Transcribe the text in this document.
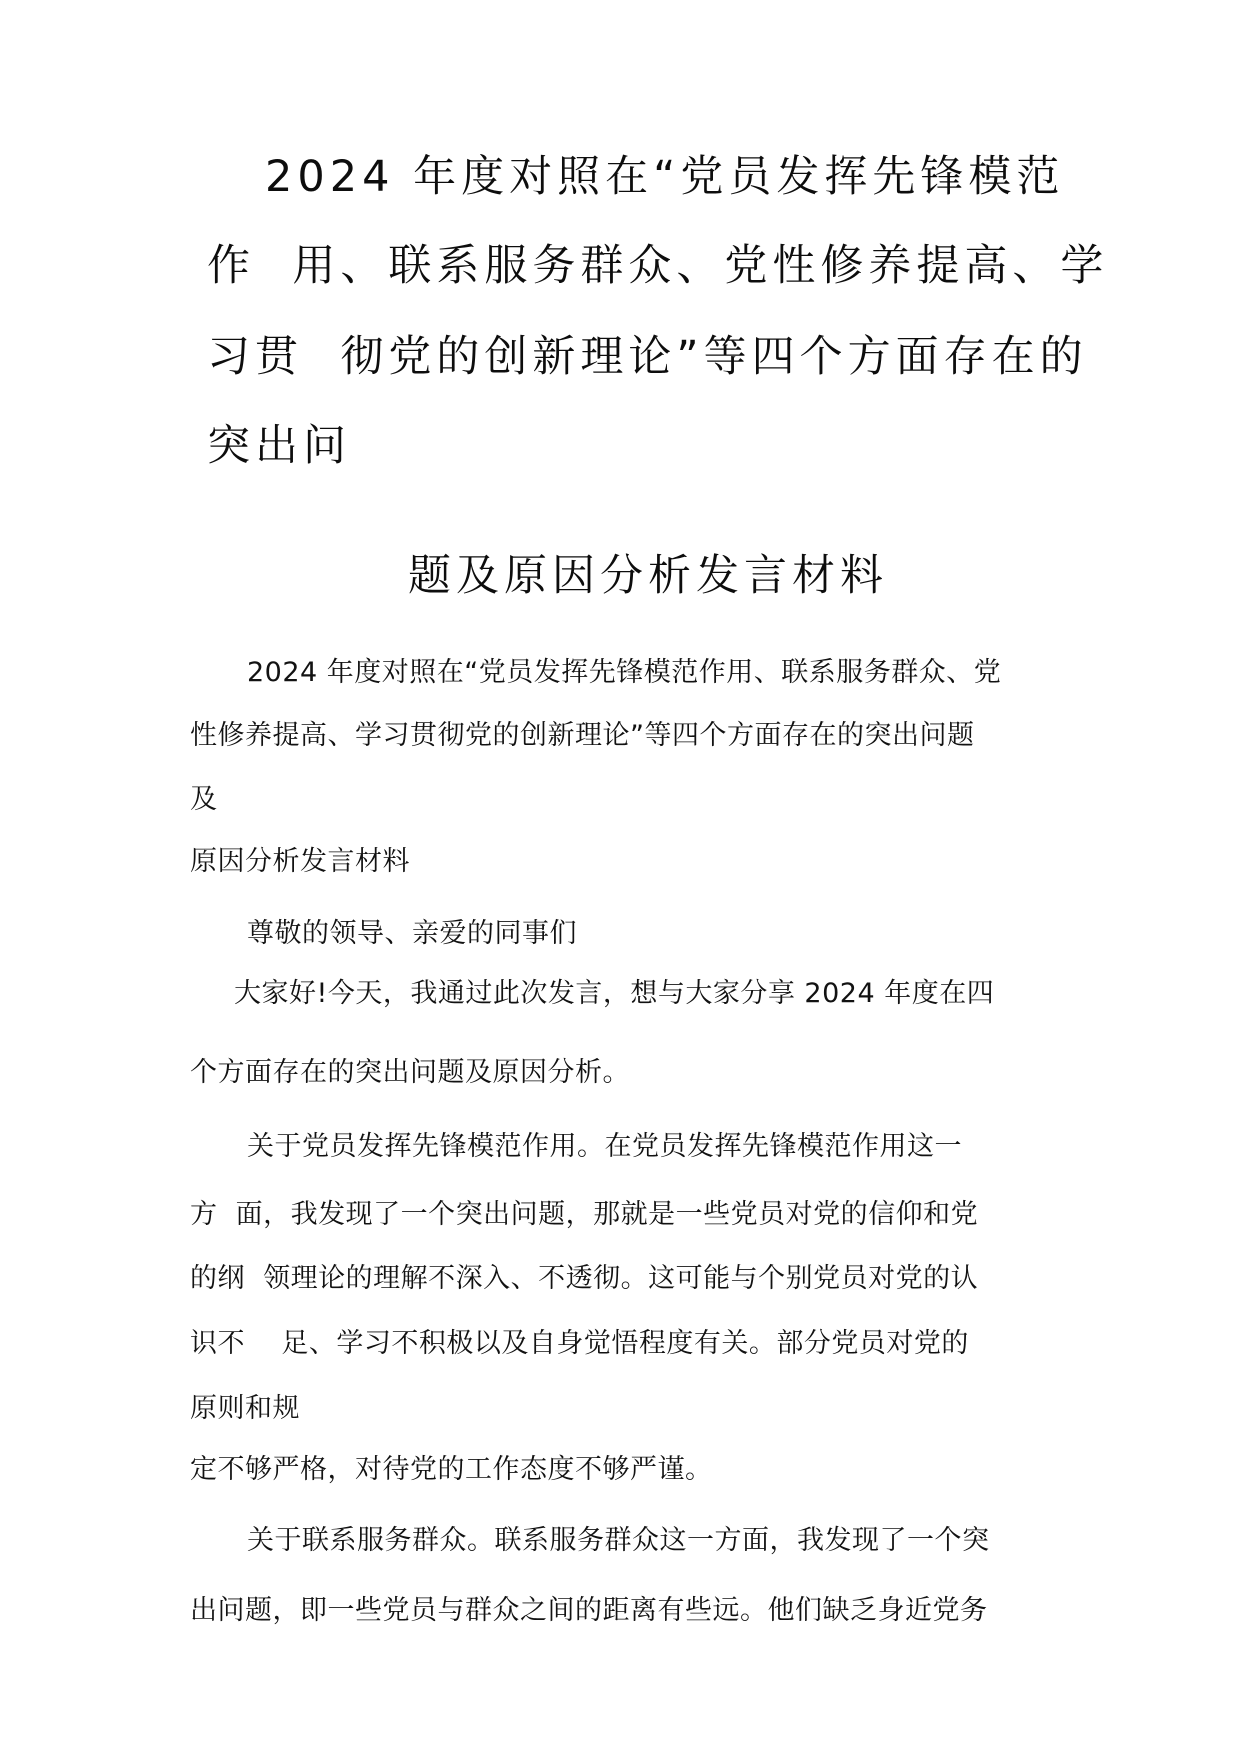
2024 年度对照在“党员发挥先锋模范
作  用、联系服务群众、党性修养提高、学
习贯  彻党的创新理论”等四个方面存在的
突出问
题及原因分析发言材料
2024 年度对照在“党员发挥先锋模范作用、联系服务群众、党
性修养提高、学习贯彻党的创新理论”等四个方面存在的突出问题
及
原因分析发言材料
尊敬的领导、亲爱的同事们
大家好!今天，我通过此次发言，想与大家分享 2024 年度在四
个方面存在的突出问题及原因分析。
关于党员发挥先锋模范作用。在党员发挥先锋模范作用这一
方  面，我发现了一个突出问题，那就是一些党员对党的信仰和党
的纲  领理论的理解不深入、不透彻。这可能与个别党员对党的认
识不    足、学习不积极以及自身觉悟程度有关。部分党员对党的
原则和规
定不够严格，对待党的工作态度不够严谨。
关于联系服务群众。联系服务群众这一方面，我发现了一个突
出问题，即一些党员与群众之间的距离有些远。他们缺乏身近党务
